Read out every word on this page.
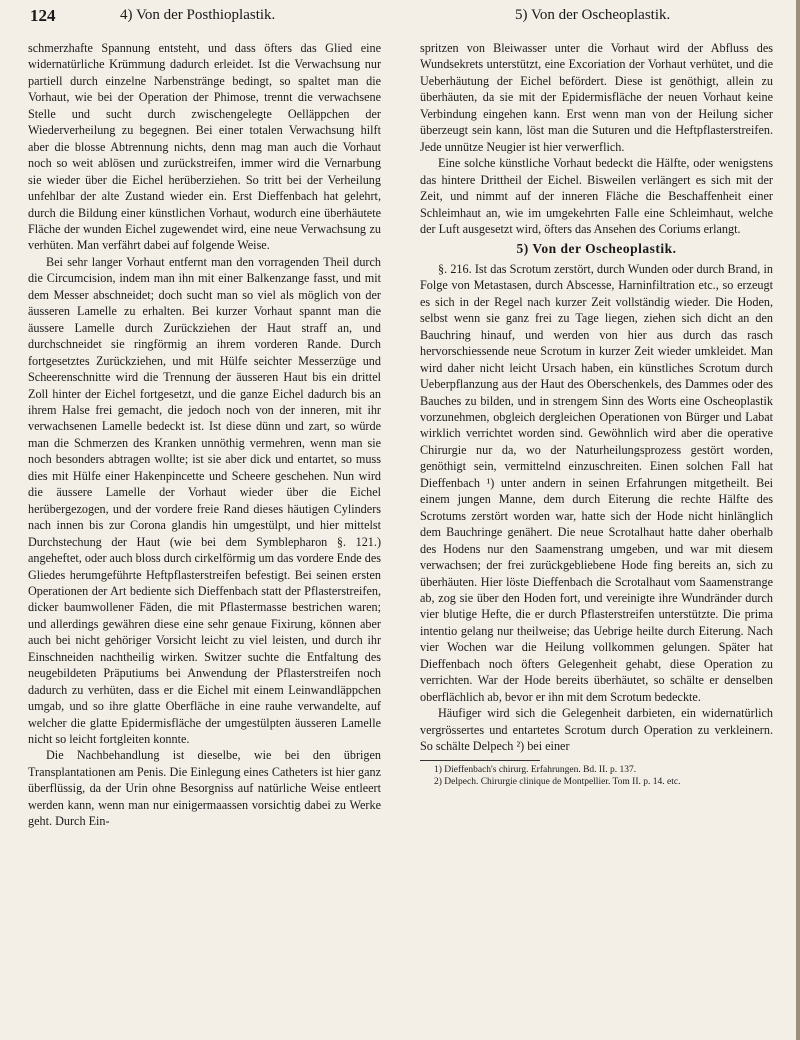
124	4) Von der Posthioplastik.	5) Von der Oscheoplastik.

schmerzhafte Spannung entsteht, und dass öfters das Glied eine widernatürliche Krümmung dadurch erleidet. Ist die Verwachsung nur partiell durch einzelne Narbenstränge bedingt, so spaltet man die Vorhaut, wie bei der Operation der Phimose, trennt die verwachsene Stelle und sucht durch zwischengelegte Oelläppchen der Wiederverheilung zu begegnen. Bei einer totalen Verwachsung hilft aber die blosse Abtrennung nichts, denn mag man auch die Vorhaut noch so weit ablösen und zurückstreifen, immer wird die Vernarbung sie wieder über die Eichel herüberziehen. So tritt bei der Verheilung unfehlbar der alte Zustand wieder ein. Erst Dieffenbach hat gelehrt, durch die Bildung einer künstlichen Vorhaut, wodurch eine überhäutete Fläche der wunden Eichel zugewendet wird, eine neue Verwachsung zu verhüten. Man verfährt dabei auf folgende Weise.

Bei sehr langer Vorhaut entfernt man den vorragenden Theil durch die Circumcision, indem man ihn mit einer Balkenzange fasst, und mit dem Messer abschneidet; doch sucht man so viel als möglich von der äusseren Lamelle zu erhalten. Bei kurzer Vorhaut spannt man die äussere Lamelle durch Zurückziehen der Haut straff an, und durchschneidet sie ringförmig an ihrem vorderen Rande. Durch fortgesetztes Zurückziehen, und mit Hülfe seichter Messerzüge und Scheerenschnitte wird die Trennung der äusseren Haut bis ein drittel Zoll hinter der Eichel fortgesetzt, und die ganze Eichel dadurch bis an ihrem Halse frei gemacht, die jedoch noch von der inneren, mit ihr verwachsenen Lamelle bedeckt ist. Ist diese dünn und zart, so würde man die Schmerzen des Kranken unnöthig vermehren, wenn man sie noch besonders abtragen wollte; ist sie aber dick und entartet, so muss dies mit Hülfe einer Hakenpincette und Scheere geschehen. Nun wird die äussere Lamelle der Vorhaut wieder über die Eichel herübergezogen, und der vordere freie Rand dieses häutigen Cylinders nach innen bis zur Corona glandis hin umgestülpt, und hier mittelst Durchstechung der Haut (wie bei dem Symblepharon §. 121.) angeheftet, oder auch bloss durch cirkelförmig um das vordere Ende des Gliedes herumgeführte Heftpflasterstreifen befestigt. Bei seinen ersten Operationen der Art bediente sich Dieffenbach statt der Pflasterstreifen, dicker baumwollener Fäden, die mit Pflastermasse bestrichen waren; und allerdings gewähren diese eine sehr genaue Fixirung, können aber auch bei nicht gehöriger Vorsicht leicht zu viel leisten, und durch ihr Einschneiden nachtheilig wirken. Switzer suchte die Entfaltung des neugebildeten Präputiums bei Anwendung der Pflasterstreifen noch dadurch zu verhüten, dass er die Eichel mit einem Leinwandläppchen umgab, und so ihre glatte Oberfläche in eine rauhe verwandelte, auf welcher die glatte Epidermisfläche der umgestülpten äusseren Lamelle nicht so leicht fortgleiten konnte.

Die Nachbehandlung ist dieselbe, wie bei den übrigen Transplantationen am Penis. Die Einlegung eines Catheters ist hier ganz überflüssig, da der Urin ohne Besorgniss auf natürliche Weise entleert werden kann, wenn man nur einigermaassen vorsichtig dabei zu Werke geht. Durch Ein-

spritzen von Bleiwasser unter die Vorhaut wird der Abfluss des Wundsekrets unterstützt, eine Excoriation der Vorhaut verhütet, und die Ueberhäutung der Eichel befördert. Diese ist genöthigt, allein zu überhäuten, da sie mit der Epidermisfläche der neuen Vorhaut keine Verbindung eingehen kann. Erst wenn man von der Heilung sicher überzeugt sein kann, löst man die Suturen und die Heftpflasterstreifen. Jede unnütze Neugier ist hier verwerflich.

Eine solche künstliche Vorhaut bedeckt die Hälfte, oder wenigstens das hintere Drittheil der Eichel. Bisweilen verlängert es sich mit der Zeit, und nimmt auf der inneren Fläche die Beschaffenheit einer Schleimhaut an, wie im umgekehrten Falle eine Schleimhaut, welche der Luft ausgesetzt wird, öfters das Ansehen des Coriums erlangt.

5) Von der Oscheoplastik.

§. 216. Ist das Scrotum zerstört, durch Wunden oder durch Brand, in Folge von Metastasen, durch Abscesse, Harninfiltration etc., so erzeugt es sich in der Regel nach kurzer Zeit vollständig wieder. Die Hoden, selbst wenn sie ganz frei zu Tage liegen, ziehen sich dicht an den Bauchring hinauf, und werden von hier aus durch das rasch hervorschiessende neue Scrotum in kurzer Zeit wieder umkleidet. Man wird daher nicht leicht Ursach haben, ein künstliches Scrotum durch Ueberpflanzung aus der Haut des Oberschenkels, des Dammes oder des Bauches zu bilden, und in strengem Sinn des Worts eine Oscheoplastik vorzunehmen, obgleich dergleichen Operationen von Bürger und Labat wirklich verrichtet worden sind. Gewöhnlich wird aber die operative Chirurgie nur da, wo der Naturheilungsprozess gestört worden, genöthigt sein, vermittelnd einzuschreiten. Einen solchen Fall hat Dieffenbach ¹) unter andern in seinen Erfahrungen mitgetheilt. Bei einem jungen Manne, dem durch Eiterung die rechte Hälfte des Scrotums zerstört worden war, hatte sich der Hode nicht hinlänglich dem Bauchringe genähert. Die neue Scrotalhaut hatte daher oberhalb des Hodens nur den Saamenstrang umgeben, und war mit diesem verwachsen; der frei zurückgebliebene Hode fing bereits an, sich zu überhäuten. Hier löste Dieffenbach die Scrotalhaut vom Saamenstrange ab, zog sie über den Hoden fort, und vereinigte ihre Wundränder durch vier blutige Hefte, die er durch Pflasterstreifen unterstützte. Die prima intentio gelang nur theilweise; das Uebrige heilte durch Eiterung. Nach vier Wochen war die Heilung vollkommen gelungen. Später hat Dieffenbach noch öfters Gelegenheit gehabt, diese Operation zu verrichten. War der Hode bereits überhäutet, so schälte er denselben oberflächlich ab, bevor er ihn mit dem Scrotum bedeckte.

Häufiger wird sich die Gelegenheit darbieten, ein widernatürlich vergrössertes und entartetes Scrotum durch Operation zu verkleinern. So schälte Delpech ²) bei einer

1) Dieffenbach's chirurg. Erfahrungen. Bd. II. p. 137.

2) Delpech. Chirurgie clinique de Montpellier. Tom II. p. 14. etc.
